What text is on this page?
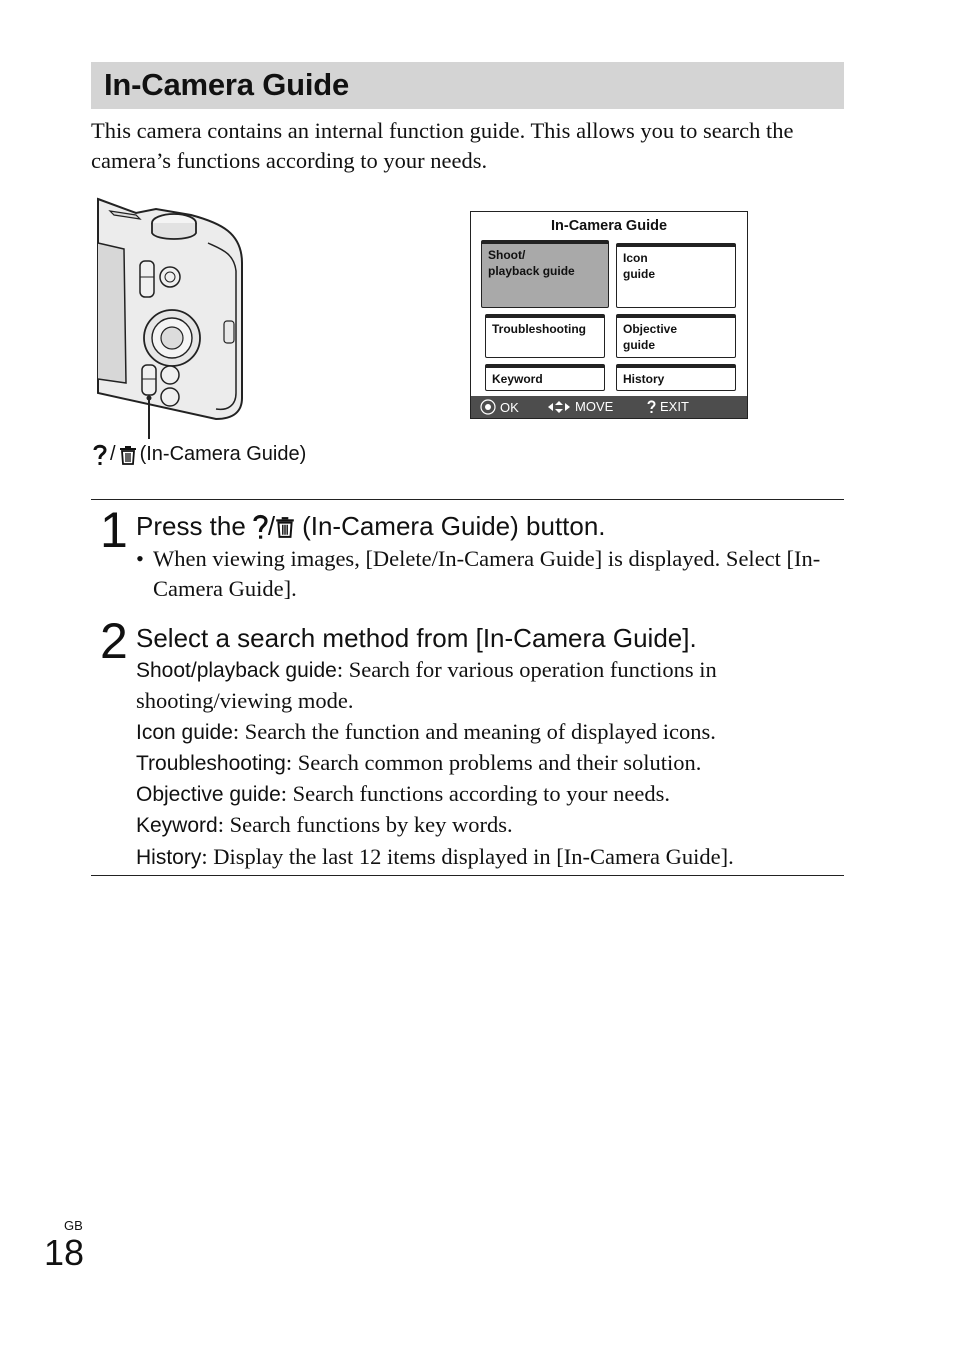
In-Camera Guide

This camera contains an internal function guide. This allows you to search the camera’s functions according to your needs.

/ (In-Camera Guide)
In-Camera Guide
Shoot/
playback guide
Icon
guide
Troubleshooting	Objective
guide
Keyword	History
OK	MOVE	EXIT
1 Press the / (In-Camera Guide) button.
• When viewing images, [Delete/In-Camera Guide] is displayed. Select [In-Camera Guide].
2 Select a search method from [In-Camera Guide].

Shoot/playback guide: Search for various operation functions in shooting/viewing mode.

Icon guide: Search the function and meaning of displayed icons.

Troubleshooting: Search common problems and their solution.

Objective guide: Search functions according to your needs.

Keyword: Search functions by key words.

History: Display the last 12 items displayed in [In-Camera Guide].

GB
18
